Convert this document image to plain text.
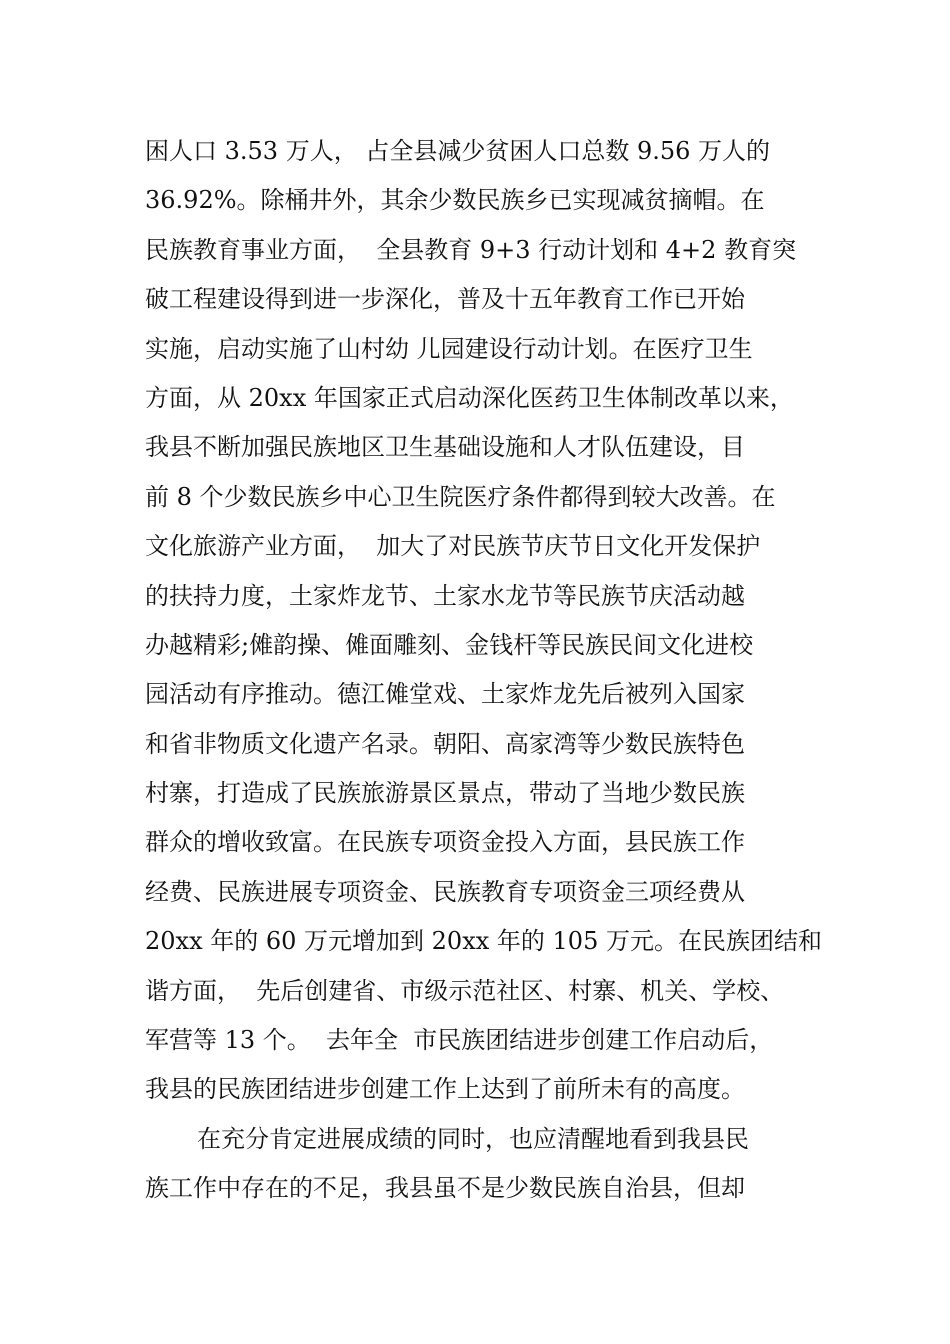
困人口 3.53 万人， 占全县减少贫困人口总数 9.56 万人的
36.92%。除桶井外，其余少数民族乡已实现减贫摘帽。在
民族教育事业方面，  全县教育 9+3 行动计划和 4+2 教育突
破工程建设得到进一步深化，普及十五年教育工作已开始
实施，启动实施了山村幼 儿园建设行动计划。在医疗卫生
方面，从 20xx 年国家正式启动深化医药卫生体制改革以来，
我县不断加强民族地区卫生基础设施和人才队伍建设，目
前 8 个少数民族乡中心卫生院医疗条件都得到较大改善。在
文化旅游产业方面，  加大了对民族节庆节日文化开发保护
的扶持力度，土家炸龙节、土家水龙节等民族节庆活动越
办越精彩;傩韵操、傩面雕刻、金钱杆等民族民间文化进校
园活动有序推动。德江傩堂戏、土家炸龙先后被列入国家
和省非物质文化遗产名录。朝阳、高家湾等少数民族特色
村寨，打造成了民族旅游景区景点，带动了当地少数民族
群众的增收致富。在民族专项资金投入方面，县民族工作
经费、民族进展专项资金、民族教育专项资金三项经费从
20xx 年的 60 万元增加到 20xx 年的 105 万元。在民族团结和
谐方面，  先后创建省、市级示范社区、村寨、机关、学校、
军营等 13 个。  去年全  市民族团结进步创建工作启动后，
我县的民族团结进步创建工作上达到了前所未有的高度。
在充分肯定进展成绩的同时，也应清醒地看到我县民
族工作中存在的不足，我县虽不是少数民族自治县，但却
